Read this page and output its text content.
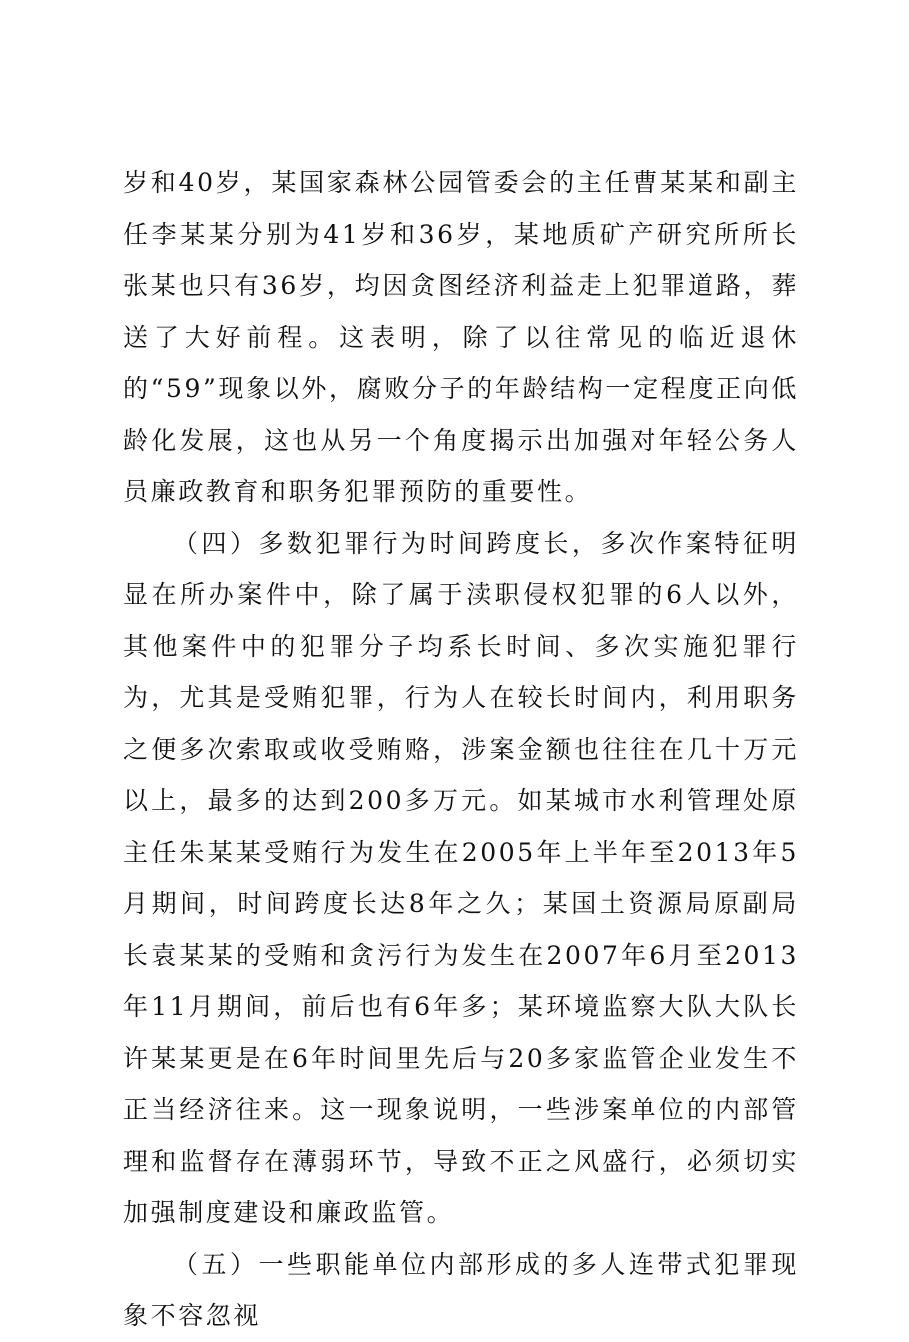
岁和40岁，某国家森林公园管委会的主任曹某某和副主任李某某分别为41岁和36岁，某地质矿产研究所所长张某也只有36岁，均因贪图经济利益走上犯罪道路，葬送了大好前程。这表明，除了以往常见的临近退休的“59”现象以外，腐败分子的年龄结构一定程度正向低龄化发展，这也从另一个角度揭示出加强对年轻公务人员廉政教育和职务犯罪预防的重要性。

（四）多数犯罪行为时间跨度长，多次作案特征明显在所办案件中，除了属于渎职侵权犯罪的6人以外，其他案件中的犯罪分子均系长时间、多次实施犯罪行为，尤其是受贿犯罪，行为人在较长时间内，利用职务之便多次索取或收受贿赂，涉案金额也往往在几十万元以上，最多的达到200多万元。如某城市水利管理处原主任朱某某受贿行为发生在2005年上半年至2013年5月期间，时间跨度长达8年之久；某国土资源局原副局长袁某某的受贿和贪污行为发生在2007年6月至2013年11月期间，前后也有6年多；某环境监察大队大队长许某某更是在6年时间里先后与20多家监管企业发生不正当经济往来。这一现象说明，一些涉案单位的内部管理和监督存在薄弱环节，导致不正之风盛行，必须切实加强制度建设和廉政监管。

（五）一些职能单位内部形成的多人连带式犯罪现象不容忽视
